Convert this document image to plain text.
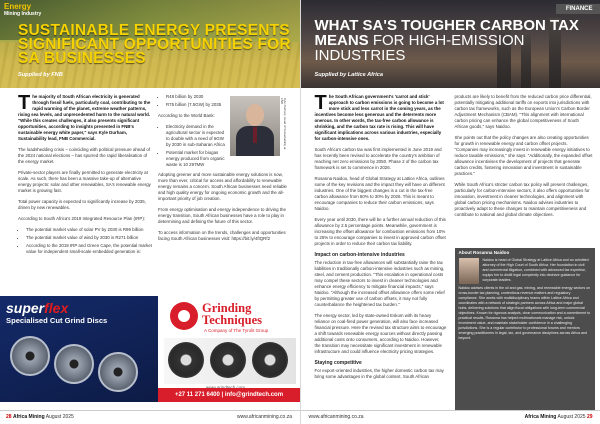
Energy
Mining Industry
SUSTAINABLE ENERGY PRESENTS SIGNIFICANT OPPORTUNITIES FOR SA BUSINESSES
Supplied by FNB

T he majority of South African electricity is generated through fossil fuels, particularly coal, contributing to the rapid warming of the planet, extreme weather patterns, rising sea levels, and unprecedented harm to the natural world. "While this creates challenges, it also presents significant opportunities, according to insights presented in FNB's sustainable energy white paper," says Kyle Durham, Sustainability lead, FNB Commercial.

The loadshedding crisis – coinciding with political pressure ahead of the 2024 national elections – has spurred the rapid liberalisation of the energy market.

Private-sector players are finally permitted to generate electricity at scale. As such, there has been a massive take-up of alternative energy projects: solar and other renewables, SA's renewable energy market is growing fast.

Total power capacity is expected to significantly increase by 2035, driven by new renewables.

According to South Africa's 2019 Integrated Resource Plan (IRP):

• The potential market value of solar PV by 2030 is R99 billion
• The potential market value of wind by 2030 is R271 billion
• According to the 2019 IRP and Green Cape, the potential market value for independent small-scale embedded generation is:
• R48 billion by 2030
• R75 billion (7.5GW) by 2035

According to the World Bank:

• Electricity demand in the agricultural sector is expected to double with a need of 6GW by 2030 in sub-Saharan Africa
• Potential market for biogas energy produced from organic waste is 10 297MW
Kyle Durham, Head of Sustainability at FNB

Adopting greener and more sustainable energy solutions is now, more than ever, critical for access and affordability to renewable energy remains a concern. South African businesses need reliable and high quality energy for ongoing economic growth and the all-important priority of job creation.

From energy optimisation and energy independence to driving the energy transition, South African businesses have a role to play in determining and defining the future of this sector.

To access information on the trends, challenges and opportunities facing South African businesses visit: https://bit.ly/4fIQRf2

superflex
Specialised Cut Grind Discs
Grinding
Techniques
A Company of The Tyrolit Group
+27 11 271 6400 | info@grindtech.com
28 Africa Mining August 2025	www.africanmining.co.za
FINANCE
WHAT SA'S TOUGHER CARBON TAX MEANS FOR HIGH-EMISSION INDUSTRIES
Supplied by Lattice Africa

T he South African government's 'carrot and stick' approach to carbon emissions is going to become a lot more stick and less carrot in the coming years, as the incentives become less generous and the deterrents more onerous. In other words, the tax-free carbon allowance is shrinking, and the carbon tax rate is rising. This will have significant implications across various industries, especially for carbon-intensive ones.

South Africa's carbon tax was first implemented in June 2019 and has recently been revised to accelerate the country's ambition of reaching net zero emissions by 2050. Phase 2 of the carbon tax framework is set to commence in 2026.

Rosanna Naidoo, head of Global Strategy at Lattice Africa, outlines some of the key revisions and the impact they will have on different industries. One of the biggest changes is a cut in the tax-free carbon allowance from 60% to 30% by 2026. This is meant to encourage companies to reduce their carbon emissions, says Naidoo.

Every year until 2030, there will be a further annual reduction of this allowance by 2.5 percentage points. Meanwhile, government is increasing the offset allowance for combustion emissions from 10% to 25% to encourage companies to invest in approved carbon offset projects in order to reduce their carbon tax liability.

Impact on carbon-intensive industries

The reduction in tax-free allowances will substantially raise the tax liabilities in traditionally carbon-intensive industries such as mining, steel, and cement production. "This escalation in operational costs may compel these sectors to invest in cleaner technologies and enhance energy efficiency to mitigate financial impacts," says Naidoo. "Although the increased offset allowance offers some relief by permitting greater use of carbon offsets, it may not fully counterbalance the heightened tax burden."

The energy sector, led by state-owned Eskom with its heavy reliance on coal-fired power generation, will also face increased financial pressure. Here the revised tax structure aims to encourage a shift towards renewable energy sources without directly passing additional costs onto consumers, according to Naidoo. However, the transition may necessitate significant investment in renewable infrastructure and could influence electricity pricing strategies.

Staying competitive

For export-oriented industries, the higher domestic carbon tax may bring some advantages in the global context. South African

products are likely to benefit from the reduced carbon price differential, potentially mitigating additional tariffs on exports into jurisdictions with carbon tax frameworks, such as the European Union's Carbon Border Adjustment Mechanism (CBAM). "This alignment with international carbon pricing can enhance the global competitiveness of South African goods," says Naidoo.

She points out that the policy changes are also creating opportunities for growth in renewable energy and carbon offset projects. "Companies may increasingly invest in renewable energy initiatives to reduce taxable emissions," she says. "Additionally, the expanded offset allowance incentivises the development of projects that generate carbon credits, fostering innovation and investment in sustainable practices."

While South Africa's stricter carbon tax policy will present challenges, particularly for carbon-intensive sectors, it also offers opportunities for innovation, investment in cleaner technologies, and alignment with global carbon pricing mechanisms. Naidoo advises industries to proactively adapt to these changes to maintain competitiveness and contribute to national and global climate objectives.

About Rosanna Naidoo
Naidoo is head of Global Strategy at Lattice Africa and an admitted attorney of the High Court of South Africa. Her foundation in civil and commercial litigation, combined with advanced tax expertise, equips her to distill legal complexity into decisive guidance for corporate leaders.
Naidoo advises clients in the oil and gas, mining, and renewable energy sectors on cross-border tax planning, contentious revenue matters and regulatory compliance. She works with multidisciplinary teams within Lattice Africa and coordinates with a network of strategic partners across Africa and major global hubs, delivering solutions that align fiscal obligations with long-term commercial objectives. Known for rigorous analysis, clear communication and a commitment to practical results, Rosanna has helped multinationals manage risk, unlock investment value, and maintain stakeholder confidence in a challenging jurisdictions. She is a regular contributor to professional forums and mentors emerging practitioners in legal, tax, and governance disciplines across Africa and beyond.
www.africanmining.co.za	Africa Mining August 2025 29
